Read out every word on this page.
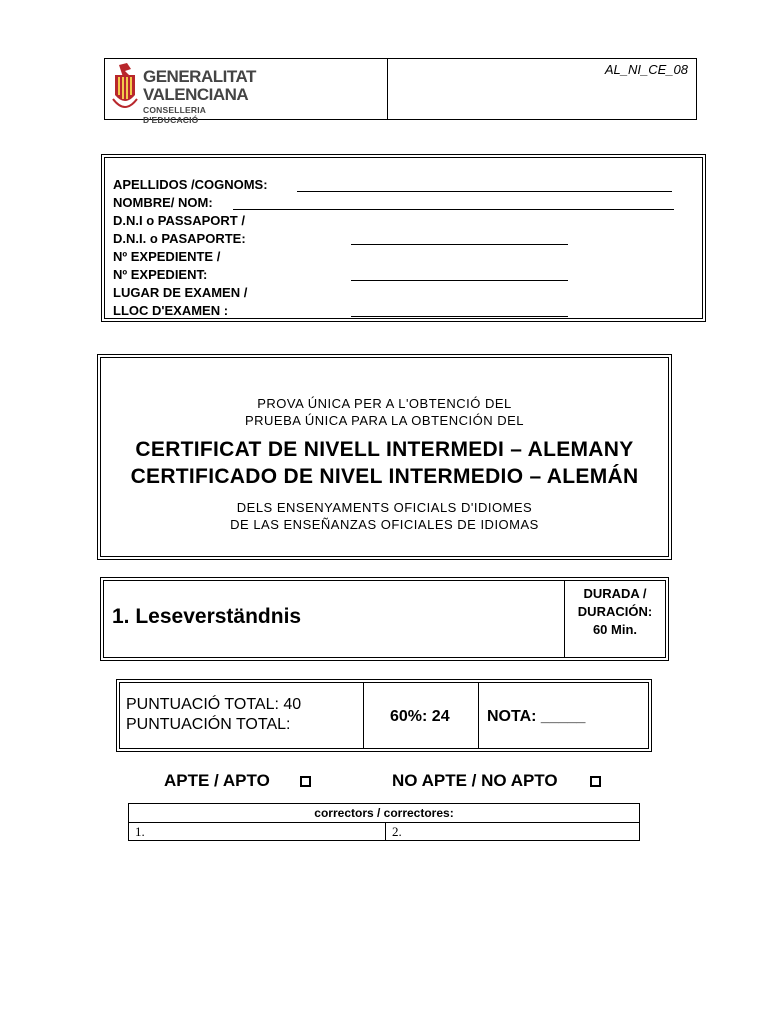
GENERALITAT
VALENCIANA
CONSELLERIA D'EDUCACIÓ
AL_NI_CE_08
APELLIDOS /COGNOMS:
NOMBRE/ NOM:
D.N.I o PASSAPORT /
D.N.I. o PASAPORTE:
Nº EXPEDIENTE /
Nº EXPEDIENT:
LUGAR DE EXAMEN /
LLOC D'EXAMEN :
PROVA ÚNICA PER A L'OBTENCIÓ DEL
PRUEBA ÚNICA PARA LA OBTENCIÓN DEL
CERTIFICAT DE NIVELL INTERMEDI – ALEMANY
CERTIFICADO DE NIVEL INTERMEDIO – ALEMÁN
DELS ENSENYAMENTS OFICIALS D'IDIOMES
DE LAS ENSEÑANZAS OFICIALES DE IDIOMAS
1. Leseverständnis
DURADA /
DURACIÓN:
60 Min.
PUNTUACIÓ TOTAL: 40
PUNTUACIÓN TOTAL:	60%: 24 NOTA: _____
APTE / APTO	NO APTE / NO APTO
correctors / correctores:
1.	2.
